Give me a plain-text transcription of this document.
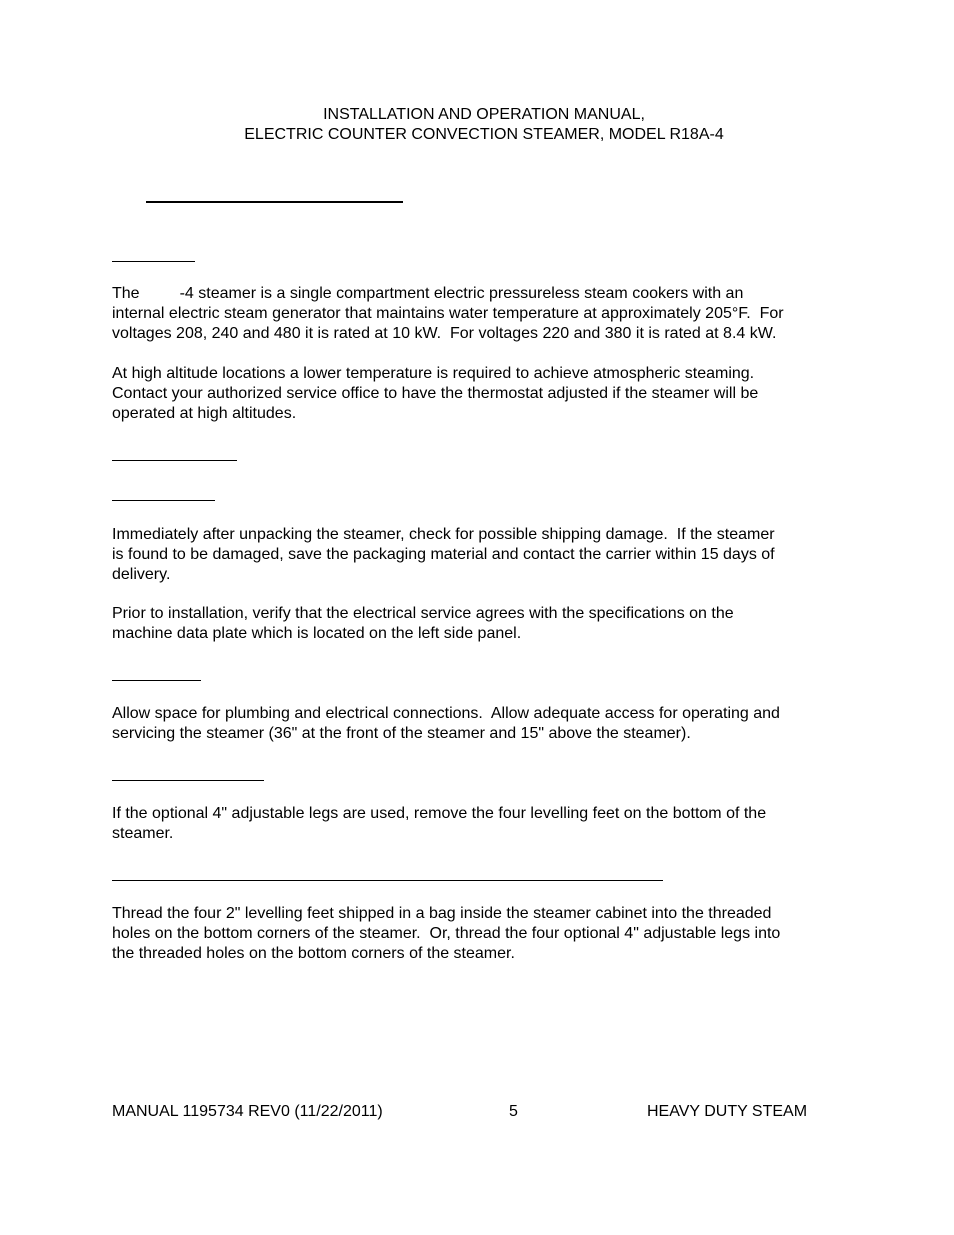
INSTALLATION AND OPERATION MANUAL,
ELECTRIC COUNTER CONVECTION STEAMER, MODEL R18A-4
The         -4 steamer is a single compartment electric pressureless steam cookers with an
internal electric steam generator that maintains water temperature at approximately 205°F.  For
voltages 208, 240 and 480 it is rated at 10 kW.  For voltages 220 and 380 it is rated at 8.4 kW.
At high altitude locations a lower temperature is required to achieve atmospheric steaming.
Contact your authorized service office to have the thermostat adjusted if the steamer will be
operated at high altitudes.
Immediately after unpacking the steamer, check for possible shipping damage.  If the steamer
is found to be damaged, save the packaging material and contact the carrier within 15 days of
delivery.
Prior to installation, verify that the electrical service agrees with the specifications on the
machine data plate which is located on the left side panel.
Allow space for plumbing and electrical connections.  Allow adequate access for operating and
servicing the steamer (36" at the front of the steamer and 15" above the steamer).
If the optional 4" adjustable legs are used, remove the four levelling feet on the bottom of the
steamer.
Thread the four 2" levelling feet shipped in a bag inside the steamer cabinet into the threaded
holes on the bottom corners of the steamer.  Or, thread the four optional 4" adjustable legs into
the threaded holes on the bottom corners of the steamer.
MANUAL 1195734 REV0 (11/22/2011)	5	HEAVY DUTY STEAM
